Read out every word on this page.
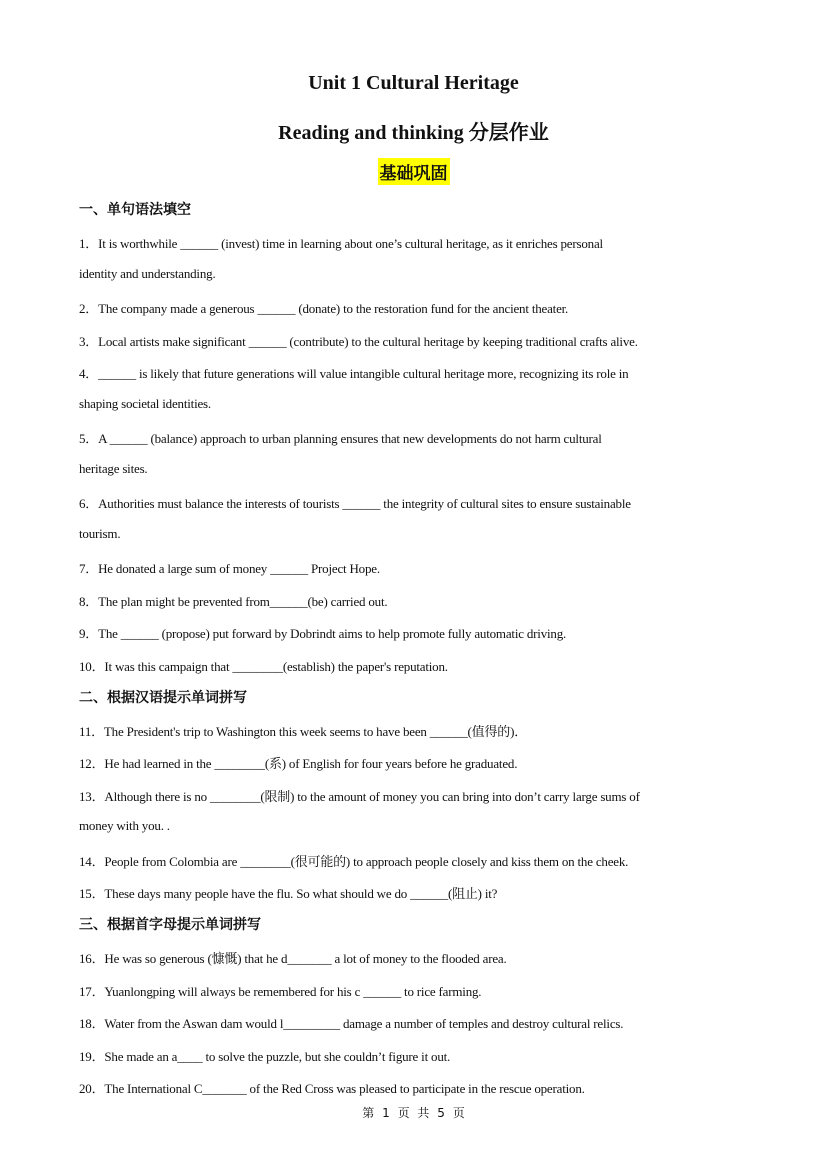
Unit 1 Cultural Heritage
Reading and thinking 分层作业
基础巩固
一、单句语法填空
1．It is worthwhile ______ (invest) time in learning about one’s cultural heritage, as it enriches personal
identity and understanding.
2．The company made a generous ______ (donate) to the restoration fund for the ancient theater.
3．Local artists make significant ______ (contribute) to the cultural heritage by keeping traditional crafts alive.
4．______ is likely that future generations will value intangible cultural heritage more, recognizing its role in
shaping societal identities.
5．A ______ (balance) approach to urban planning ensures that new developments do not harm cultural
heritage sites.
6．Authorities must balance the interests of tourists ______ the integrity of cultural sites to ensure sustainable
tourism.
7．He donated a large sum of money ______ Project Hope.
8．The plan might be prevented from______(be) carried out.
9．The ______ (propose) put forward by Dobrindt aims to help promote fully automatic driving.
10．It was this campaign that ________(establish) the paper's reputation.
二、根据汉语提示单词拼写
11．The President's trip to Washington this week seems to have been ______(值得的)．
12．He had learned in the ________(系) of English for four years before he graduated.
13．Although there is no ________(限制) to the amount of money you can bring into don’t carry large sums of
money with you. .
14．People from Colombia are ________(很可能的) to approach people closely and kiss them on the cheek.
15．These days many people have the flu. So what should we do ______(阻止) it?
三、根据首字母提示单词拼写
16．He was so generous (慷慨) that he d_______ a lot of money to the flooded area.
17．Yuanlongping will always be remembered for his c ______ to rice farming.
18．Water from the Aswan dam would l_________ damage a number of temples and destroy cultural relics.
19．She made an a____ to solve the puzzle, but she couldn’t figure it out.
20．The International C_______ of the Red Cross was pleased to participate in the rescue operation.
第 1 页 共 5 页
